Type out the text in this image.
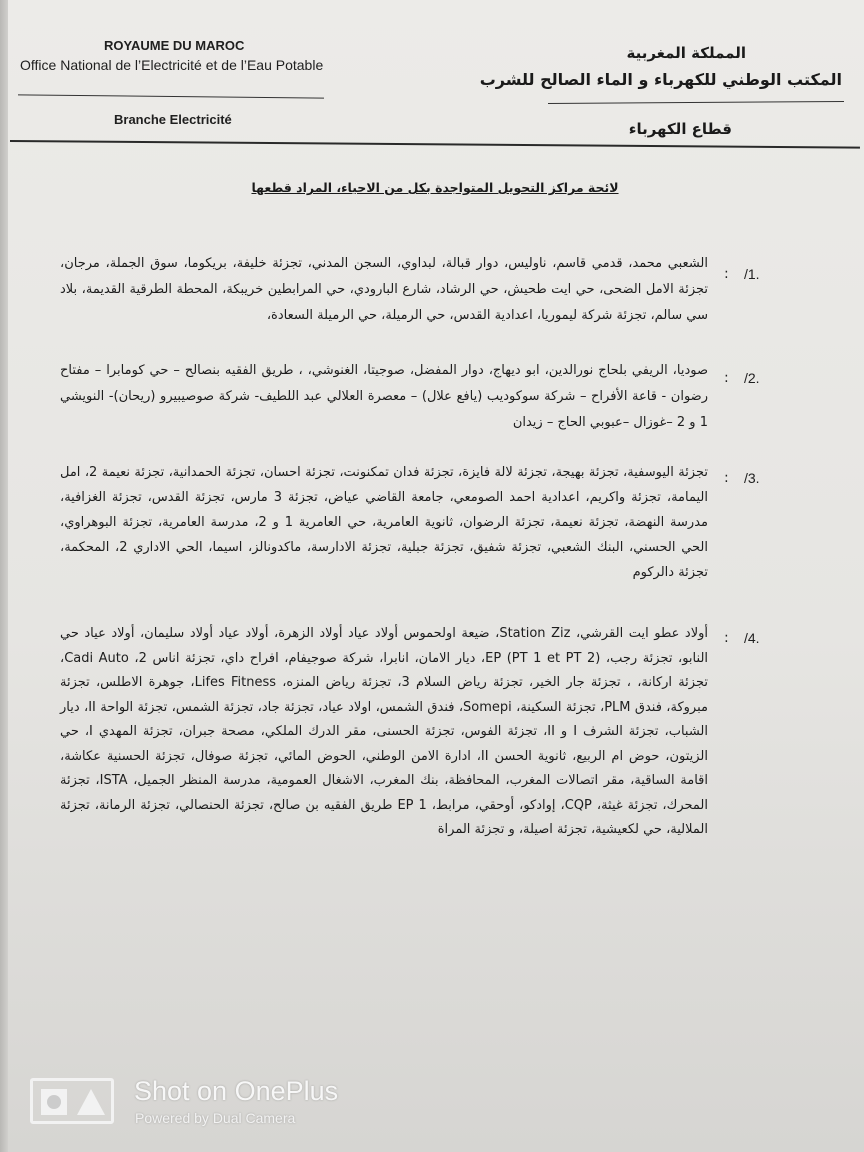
ROYAUME DU MAROC
Office National de l’Electricité et de l’Eau Potable
Branche Electricité
المملكة المغربية
المكتب الوطني للكهرباء و الماء الصالح للشرب
قطاع الكهرباء
لائحة مراكز التحويل المتواجدة بكل من الاحياء، المراد قطعها
/1.
:
الشعبي محمد، قدمي قاسم، ناوليس، دوار قبالة، لبداوي، السجن المدني، تجزئة خليفة، بريكوما، سوق الجملة، مرجان، تجزئة الامل الضحى، حي ايت طحيش، حي الرشاد، شارع البارودي، حي المرابطين خريبكة، المحطة الطرقية القديمة، بلاد سي سالم، تجزئة شركة ليموريا، اعدادية القدس، حي الرميلة، حي الرميلة السعادة،
/2.
:
صوديا، الريفي بلحاج نورالدين، ابو ديهاج، دوار المفضل، صوجيتا، الغنوشي، ، طريق الفقيه بنصالح – حي كومابرا – مفتاح رضوان - قاعة الأفراح – شركة سوكوديب (يافع علال) – معصرة العلالي عبد اللطيف- شركة صوصيبيرو (ريحان)- النويشي 1 و 2 –غوزال –عبوبي الحاج – زيدان
/3.
:
تجزئة اليوسفية، تجزئة بهيجة، تجزئة لالة فايزة، تجزئة فدان تمكنونت، تجزئة احسان، تجزئة الحمدانية، تجزئة نعيمة 2، امل اليمامة، تجزئة واكريم، اعدادية احمد الصومعي، جامعة القاضي عياض، تجزئة 3 مارس، تجزئة القدس، تجزئة الغزافية، مدرسة النهضة، تجزئة نعيمة، تجزئة الرضوان، ثانوية العامرية، حي العامرية 1 و 2، مدرسة العامرية، تجزئة البوهراوي، الحي الحسني، البنك الشعبي، تجزئة شفيق، تجزئة جبلية، تجزئة الادارسة، ماكدونالز، اسيما، الحي الاداري 2، المحكمة، تجزئة دالركوم
/4.
:
أولاد عطو ايت القرشي، Station Ziz، ضيعة اولحموس أولاد عياد أولاد الزهرة، أولاد عياد أولاد سليمان، أولاد عياد حي النابو، تجزئة رجب، EP (PT 1 et PT 2)، ديار الامان، انابرا، شركة صوجيفام، افراح داي، تجزئة اناس 2، Cadi Auto، تجزئة اركانة، ، تجزئة جار الخير، تجزئة رياض السلام 3، تجزئة رياض المنزه، Lifes Fitness، جوهرة الاطلس، تجزئة مبروكة، فندق PLM، تجزئة السكينة، Somepi، فندق الشمس، اولاد عياد، تجزئة جاد، تجزئة الشمس، تجزئة الواحة II، ديار الشباب، تجزئة الشرف I و II، تجزئة الفوس، تجزئة الحسنى، مقر الدرك الملكي، مصحة جبران، تجزئة المهدي I، حي الزيتون، حوض ام الربيع، ثانوية الحسن II، ادارة الامن الوطني، الحوض المائي، تجزئة صوفال، تجزئة الحسنية عكاشة، اقامة الساقية، مقر اتصالات المغرب، المحافظة، بنك المغرب، الاشغال العمومية، مدرسة المنظر الجميل، ISTA، تجزئة المحرك، تجزئة غيثة، CQP، إوادكو، أوحقي، مرابط، EP 1 طريق الفقيه بن صالح، تجزئة الحنصالي، تجزئة الرمانة، تجزئة الملالية، حي لكعيشية، تجزئة اصيلة، و تجزئة المراة
Shot on OnePlus
Powered by Dual Camera
